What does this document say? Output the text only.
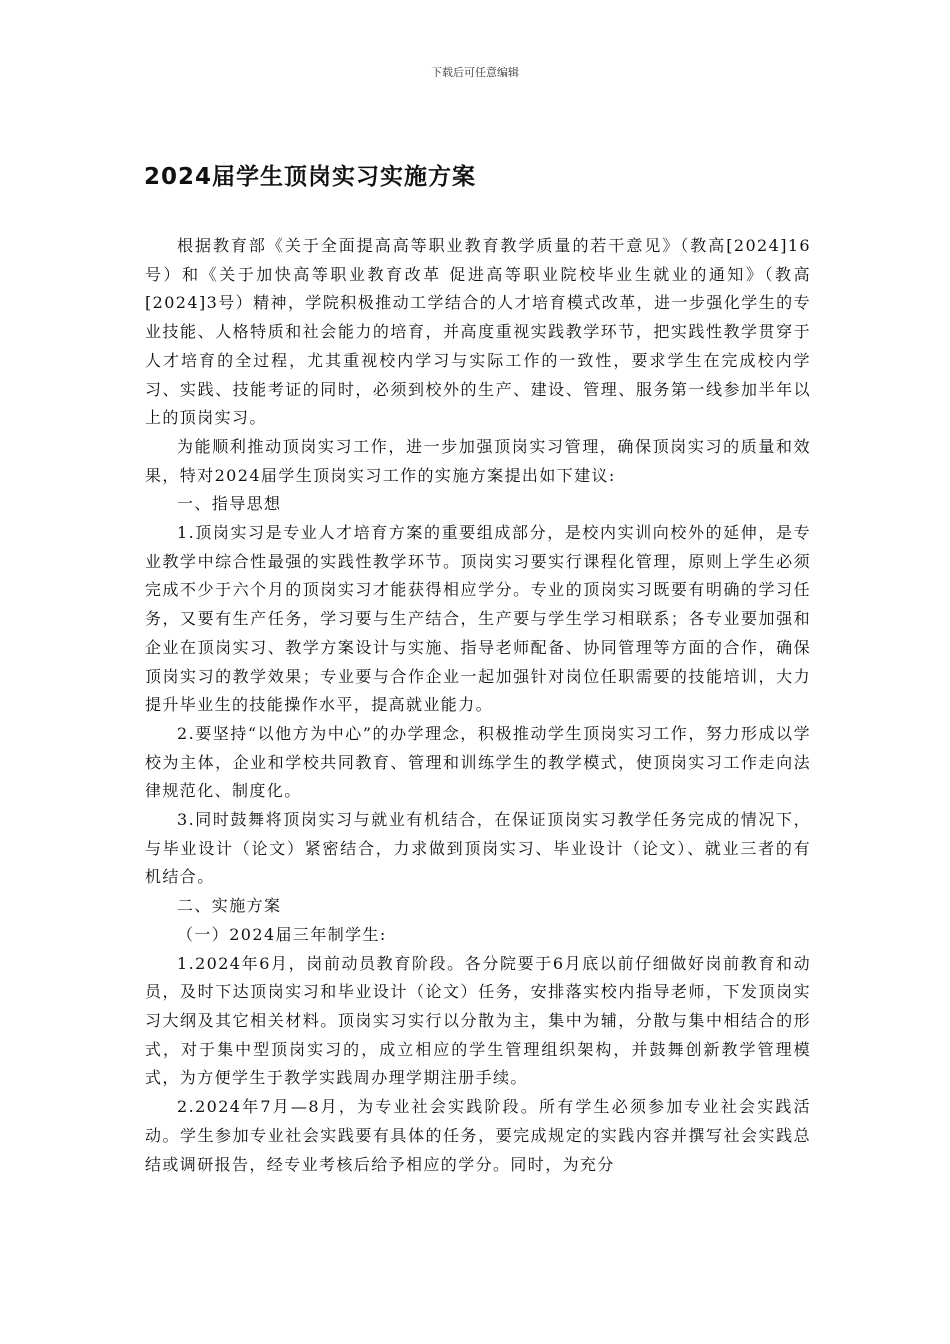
下载后可任意编辑
2024届学生顶岗实习实施方案

根据教育部《关于全面提高高等职业教育教学质量的若干意见》（教高[2024]16号）和《关于加快高等职业教育改革 促进高等职业院校毕业生就业的通知》（教高[2024]3号）精神，学院积极推动工学结合的人才培育模式改革，进一步强化学生的专业技能、人格特质和社会能力的培育，并高度重视实践教学环节，把实践性教学贯穿于人才培育的全过程，尤其重视校内学习与实际工作的一致性，要求学生在完成校内学习、实践、技能考证的同时，必须到校外的生产、建设、管理、服务第一线参加半年以上的顶岗实习。

为能顺利推动顶岗实习工作，进一步加强顶岗实习管理，确保顶岗实习的质量和效果，特对2024届学生顶岗实习工作的实施方案提出如下建议:

一、指导思想

1.顶岗实习是专业人才培育方案的重要组成部分，是校内实训向校外的延伸，是专业教学中综合性最强的实践性教学环节。顶岗实习要实行课程化管理，原则上学生必须完成不少于六个月的顶岗实习才能获得相应学分。专业的顶岗实习既要有明确的学习任务，又要有生产任务，学习要与生产结合，生产要与学生学习相联系；各专业要加强和企业在顶岗实习、教学方案设计与实施、指导老师配备、协同管理等方面的合作，确保顶岗实习的教学效果；专业要与合作企业一起加强针对岗位任职需要的技能培训，大力提升毕业生的技能操作水平，提高就业能力。

2.要坚持“以他方为中心”的办学理念，积极推动学生顶岗实习工作，努力形成以学校为主体，企业和学校共同教育、管理和训练学生的教学模式，使顶岗实习工作走向法律规范化、制度化。

3.同时鼓舞将顶岗实习与就业有机结合，在保证顶岗实习教学任务完成的情况下，与毕业设计（论文）紧密结合，力求做到顶岗实习、毕业设计（论文）、就业三者的有机结合。

二、实施方案

（一）2024届三年制学生:

1.2024年6月，岗前动员教育阶段。各分院要于6月底以前仔细做好岗前教育和动员，及时下达顶岗实习和毕业设计（论文）任务，安排落实校内指导老师，下发顶岗实习大纲及其它相关材料。顶岗实习实行以分散为主，集中为辅，分散与集中相结合的形式，对于集中型顶岗实习的，成立相应的学生管理组织架构，并鼓舞创新教学管理模式，为方便学生于教学实践周办理学期注册手续。

2.2024年7月—8月，为专业社会实践阶段。所有学生必须参加专业社会实践活动。学生参加专业社会实践要有具体的任务，要完成规定的实践内容并撰写社会实践总结或调研报告，经专业考核后给予相应的学分。同时，为充分
